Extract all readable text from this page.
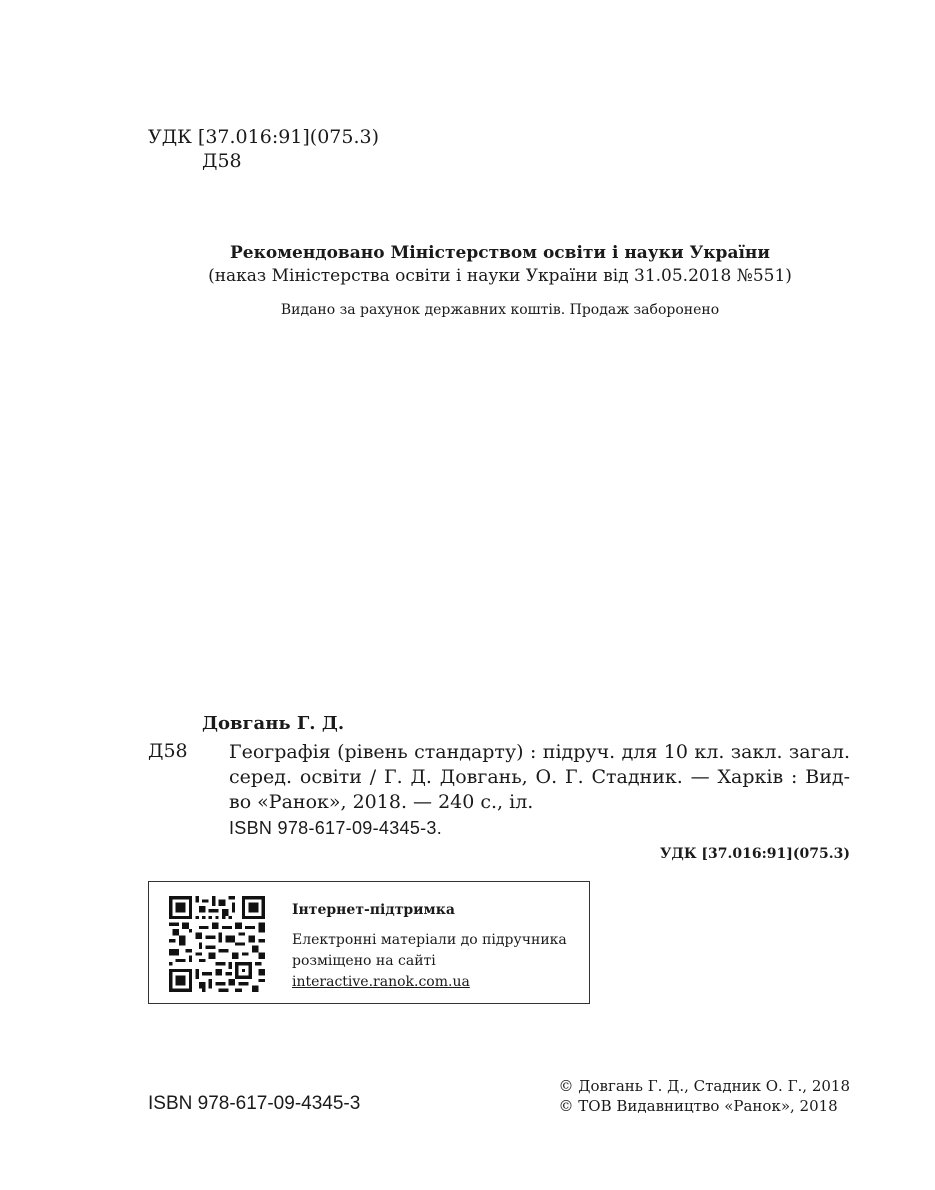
УДК [37.016:91](075.3)
Д58
Рекомендовано Міністерством освіти і науки України
(наказ Міністерства освіти і науки України від 31.05.2018 №551)
Видано за рахунок державних коштів. Продаж заборонено
Довгань Г. Д.
Д58 Географія (рівень стандарту) : підруч. для 10 кл. закл. загал. серед. освіти / Г. Д. Довгань, О. Г. Стадник. — Харків : Вид-во «Ранок», 2018. — 240 с., іл.
ISBN 978-617-09-4345-3.
УДК [37.016:91](075.3)
Інтернет-підтримка
Електронні матеріали до підручника
розміщено на сайті
interactive.ranok.com.ua
ISBN 978-617-09-4345-3
© Довгань Г. Д., Стадник О. Г., 2018
© ТОВ Видавництво «Ранок», 2018
